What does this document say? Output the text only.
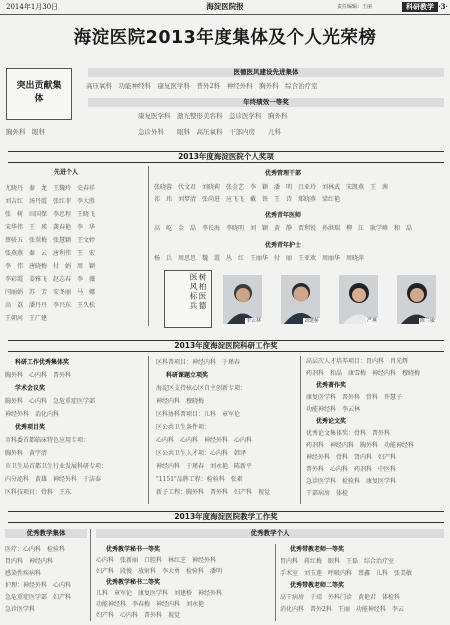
2014年1月30日	海淀医院报	责任编辑：王丽	科研教学 ·3·
海淀医院2013年度集体及个人光荣榜
突出贡献集体
医德医风建设先进集体
高压氧科　功能神经科　康复医学科　普外2科　神经外科　胸外科　综合治疗室
年终绩效一等奖
康复医学科　激光整形美容科　急诊医学科　胸外科
急诊外科　　眼科　高压氧科　干部内房　　儿科
胸外科　眼科
2013年度海淀医院个人奖项
先进个人
尤晓丹　秦　龙　王魏玲　史春祥
刘吉红　汤丹霞　张红菲　李大胜
张　树　田国保　李忠程　王晓飞
宋华伟　王　瑛　龚春艳　李　华
蔡骄五　张翠梅　张慧颖　王文婷
张燕燕　秦　云　唐利伟　王　宏
李　伟　唐晓梅　付　娟　周　颖
李彩霞　姜雅飞　赵志春　李　薇
闫丽娟　苏　芳　安冬丽　马　娜
高　荔　潘丹丹　李兴东　王久松
王朝河　王广建
优秀管理干部
张晓蓉　代文君　刘晓莉　张金艺　李　颖　潘　明　吕亚玲　刘林武　宋凯燕　王　茜
祁　玮　刘梦清　张尚进　应飞飞　戴　铁　王　诗　郑晓燕　梁红艳
优秀青年医师
高　屹　金　晶　李长海　李晓明　刘　颖　黄　静　贾利锐　孙洪瑞　柳　江　耿学峰　和　晶
优秀青年护士
杨　兵　周思思　魏　霞　丛　红　王丽华　付　丽　王亚欢　周丽华　周晓萍
树柏医德　医风标兵
李云林	刘建桥	严燕	陈兰敏
2013年度海淀医院科研工作奖
科研工作优秀集体奖
胸外科　心内科　普外科
学术会议奖
胸外科　心内科　急危重症医学部
神经外科　消化内科
优秀项目奖
市科委首都临床特色应用专项：
胸外科　黄宇清
市卫生局首都卫生行业发展科研专项：
内分泌科　黄雄　神经外科　于洁泰
区科技项目：骨科　王东
区科普项目：神经内科　于瑾春
科研课题立项奖
海淀区支持核心区自主创新专项：
神经内科　穆晓梅
区科协科普项目：儿科　章军伦
区公共卫生条件项：
心内科　心内科　神经外科　心内科
区公共卫生人才项：心内科　韩泽
神经内科　于瑾春　刘永艳　陈新平
"1151"品牌工程：检验科　张素
新子工程：胸外科　普外科　妇产科　视觉
高层次人才培养项目：胃内科　肖光辉
药剂科　和晶　康雪梅　神经内科　穆晓梅
优秀著作奖
康复医学科　普外科　骨科　许慧子
功能神经科　李云林
优秀论文奖
优秀论文集体奖：骨科　普外科
药剂科　神经内科　胸外科　功能神经科
神经外科　骨科　肾内科　妇产科
普外科　心内科　药剂科　中医科
急诊医学科　检验科　康复医学科
干部病房　体检
2013年度海淀医院教学工作奖
优秀教学集体
医疗：心内科　检验科
胃内科　神经内科
感染性疾病科
护理：神经外科　心内科
急危重症医学部　妇产科
急诊医学科
优秀教学个人
优秀教学秘书一等奖
心内科　张新丽　口腔科　林红芝　神经外科
妇产科　段俊　放射科　李大勇　检验科　潘明
优秀教学秘书二等奖
儿科　章军伦　康复医学科　刘建桥　神经外科
功能神经科　李春梅　神经内科　刘永艳
妇产科　心内科　普外科　视觉
优秀带教老师一等奖
胃内科　蒋红梅　眼科　王磊　综合治疗室
手术室　刘玉莲　呼吸内科　蔡鑫　儿科　张美敏
优秀带教老师二等奖
高干病房　于靖　外科门诊　黄艳君　体检科
消化内科　普外2科　王丽　功能神经科　李云
